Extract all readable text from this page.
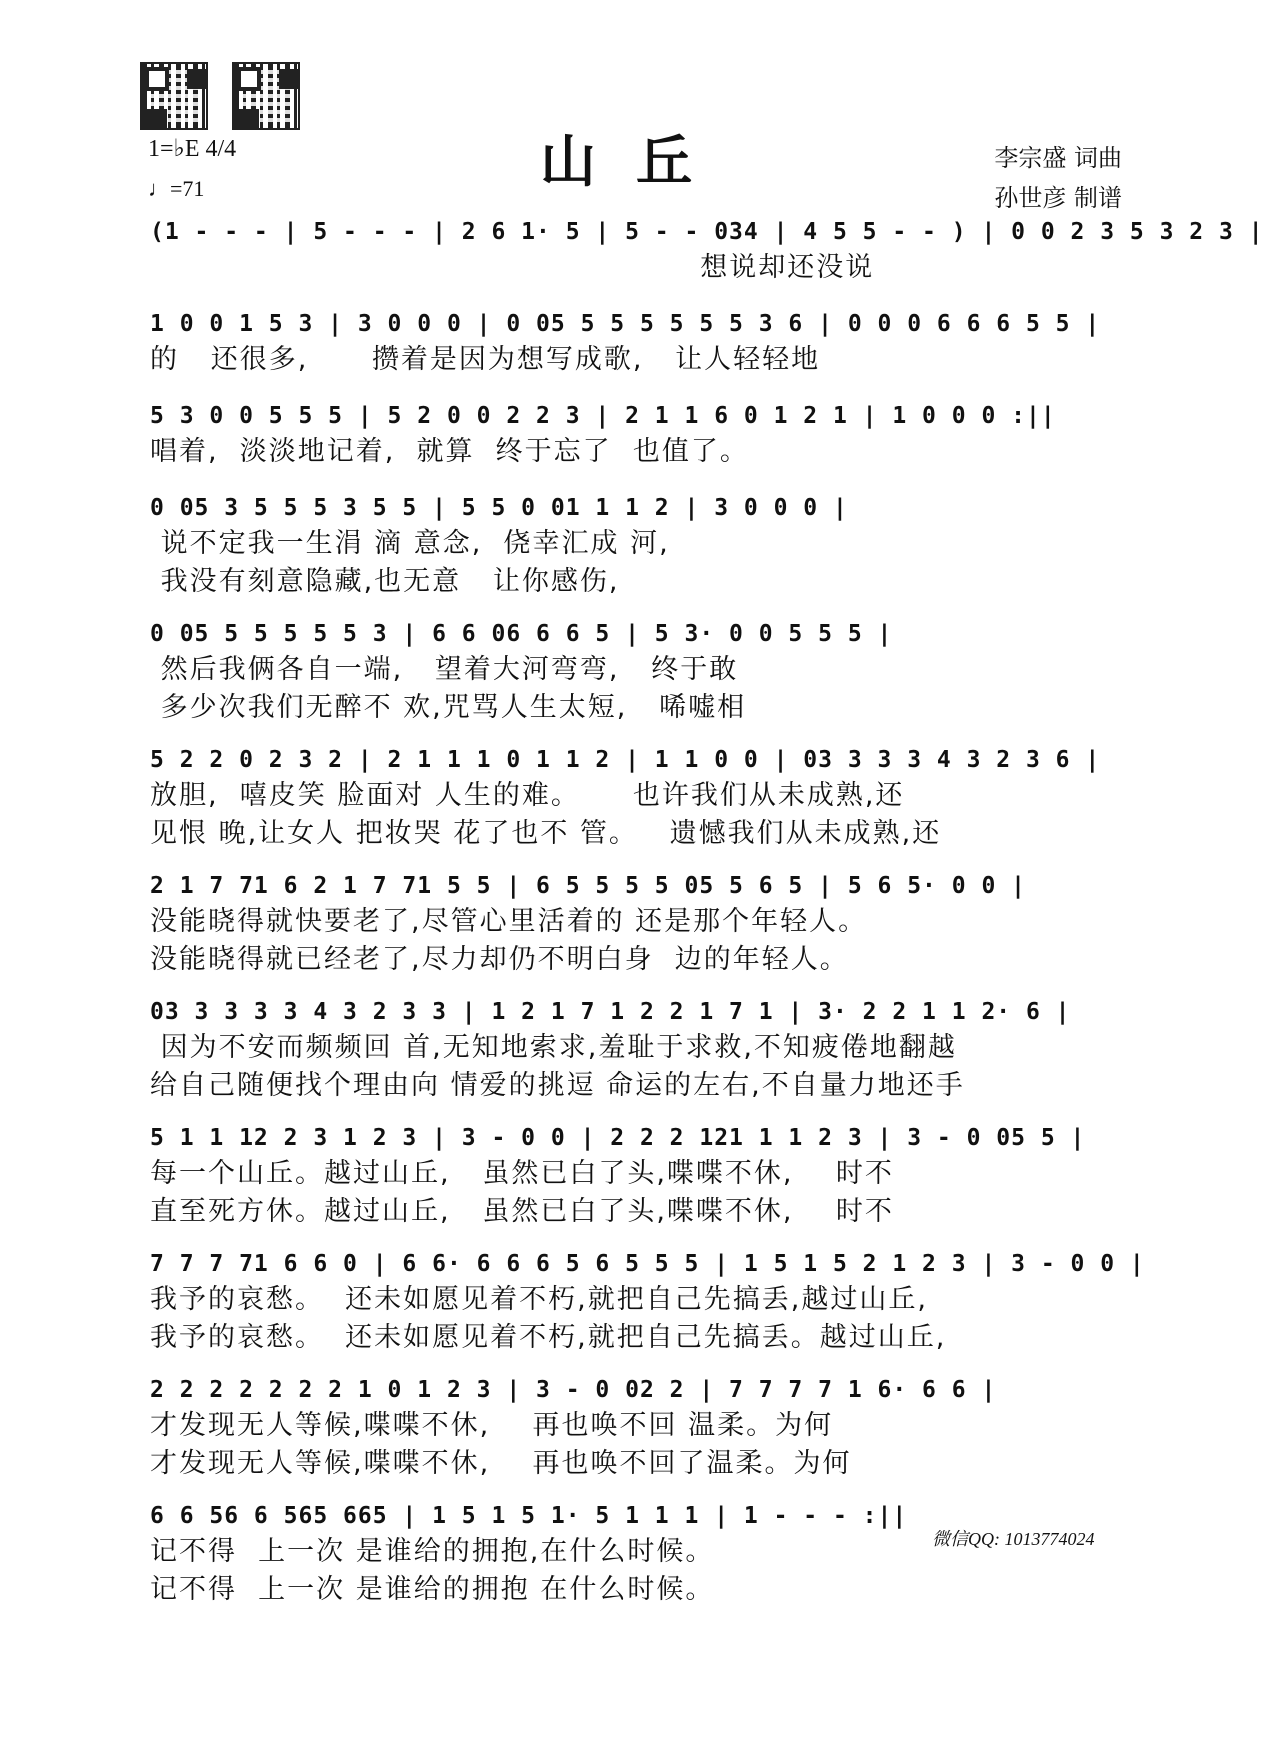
1=♭E 4/4
♩=71	山丘	李宗盛 词曲
孙世彦 制谱
(1 - - - | 5 - - - | 2 6 1· 5 | 5 - - 034 | 4 5 5 - - ) | 0 0 2 3 5 3 2 3 |
想说却还没说
1 0 0 1 5 3 | 3 0 0 0 | 0 05 5 5 5 5 5 5 3 6 | 0 0 0 6 6 6 5 5 |
的   还很多,      攒着是因为想写成歌,   让人轻轻地
5 3 0 0 5 5 5 | 5 2 0 0 2 2 3 | 2 1 1 6 0 1 2 1 | 1 0 0 0 :||
唱着,  淡淡地记着,  就算  终于忘了  也值了。
0 05 3 5 5 5 3 5 5 | 5 5 0 01 1 1 2 | 3 0 0 0 |
说不定我一生涓 滴 意念,  侥幸汇成 河,
我没有刻意隐藏,也无意   让你感伤,
0 05 5 5 5 5 5 3 | 6 6 06 6 6 5 | 5 3· 0 0 5 5 5 |
然后我俩各自一端,   望着大河弯弯,   终于敢
多少次我们无醉不 欢,咒骂人生太短,   唏嘘相
5 2 2 0 2 3 2 | 2 1 1 1 0 1 1 2 | 1 1 0 0 | 03 3 3 3 4 3 2 3 6 |
放胆,  嘻皮笑 脸面对 人生的难。     也许我们从未成熟,还
见恨 晚,让女人 把妆哭 花了也不 管。   遗憾我们从未成熟,还
2 1 7 71 6 2 1 7 71 5 5 | 6 5 5 5 5 05 5 6 5 | 5 6 5· 0 0 |
没能晓得就快要老了,尽管心里活着的 还是那个年轻人。
没能晓得就已经老了,尽力却仍不明白身  边的年轻人。
03 3 3 3 3 4 3 2 3 3 | 1 2 1 7 1 2 2 1 7 1 | 3· 2 2 1 1 2· 6 |
因为不安而频频回 首,无知地索求,羞耻于求救,不知疲倦地翻越
给自己随便找个理由向 情爱的挑逗 命运的左右,不自量力地还手
5 1 1 12 2 3 1 2 3 | 3 - 0 0 | 2 2 2 121 1 1 2 3 | 3 - 0 05 5 |
每一个山丘。越过山丘,   虽然已白了头,喋喋不休,    时不
直至死方休。越过山丘,   虽然已白了头,喋喋不休,    时不
7 7 7 71 6 6 0 | 6 6· 6 6 6 5 6 5 5 5 | 1 5 1 5 2 1 2 3 | 3 - 0 0 |
我予的哀愁。  还未如愿见着不朽,就把自己先搞丢,越过山丘,
我予的哀愁。  还未如愿见着不朽,就把自己先搞丢。越过山丘,
2 2 2 2 2 2 2 1 0 1 2 3 | 3 - 0 02 2 | 7 7 7 7 1 6· 6 6 |
才发现无人等候,喋喋不休,    再也唤不回 温柔。为何
才发现无人等候,喋喋不休,    再也唤不回了温柔。为何
6 6 56 6 565 665 | 1 5 1 5 1· 5 1 1 1 | 1 - - - :||
记不得  上一次 是谁给的拥抱,在什么时候。
记不得  上一次 是谁给的拥抱 在什么时候。
微信QQ: 1013774024
